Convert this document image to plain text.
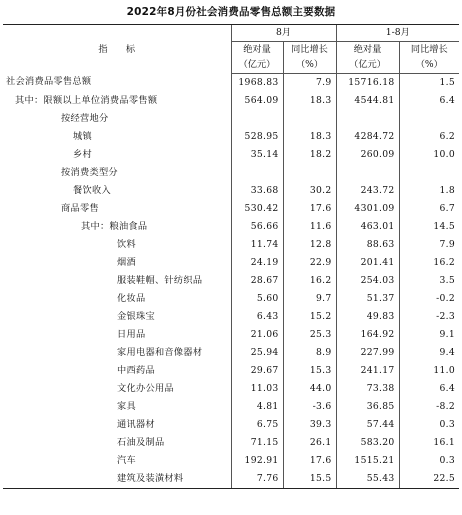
2022年8月份社会消费品零售总额主要数据
指　　标	8月		1-8月	
	绝对量	同比增长	绝对量	同比增长
	（亿元）	（%）	（亿元）	（%）
社会消费品零售总额	1968.83	7.9	15716.18	1.5
其中：限额以上单位消费品零售额	564.09	18.3	4544.81	6.4
按经营地分				
城镇	528.95	18.3	4284.72	6.2
乡村	35.14	18.2	260.09	10.0
按消费类型分				
餐饮收入	33.68	30.2	243.72	1.8
商品零售	530.42	17.6	4301.09	6.7
其中：粮油食品	56.66	11.6	463.01	14.5
饮料	11.74	12.8	88.63	7.9
烟酒	24.19	22.9	201.41	16.2
服装鞋帽、针纺织品	28.67	16.2	254.03	3.5
化妆品	5.60	9.7	51.37	-0.2
金银珠宝	6.43	15.2	49.83	-2.3
日用品	21.06	25.3	164.92	9.1
家用电器和音像器材	25.94	8.9	227.99	9.4
中西药品	29.67	15.3	241.17	11.0
文化办公用品	11.03	44.0	73.38	6.4
家具	4.81	-3.6	36.85	-8.2
通讯器材	6.75	39.3	57.44	0.3
石油及制品	71.15	26.1	583.20	16.1
汽车	192.91	17.6	1515.21	0.3
建筑及装潢材料	7.76	15.5	55.43	22.5
